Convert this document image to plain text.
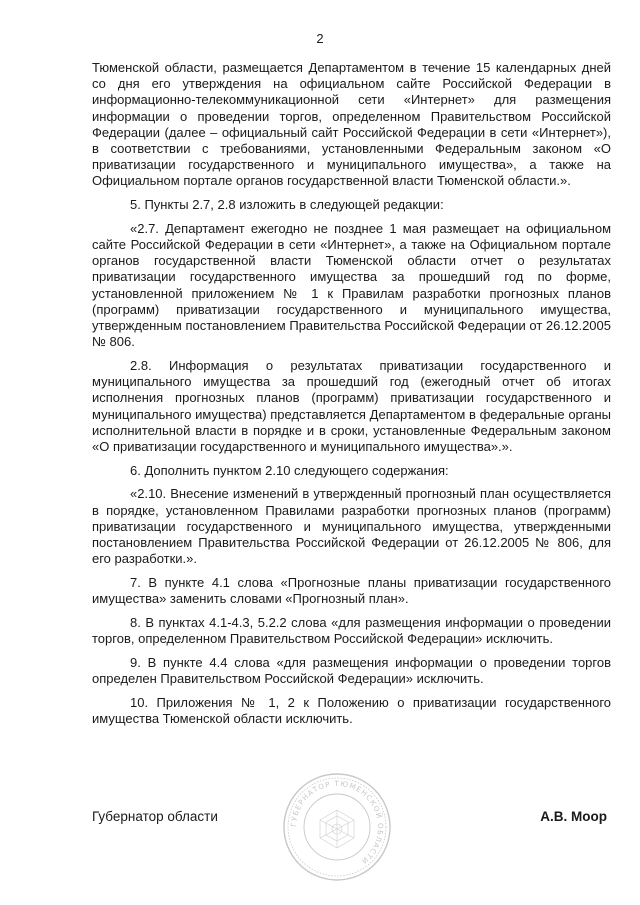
2

Тюменской области, размещается Департаментом в течение 15 календарных дней со дня его утверждения на официальном сайте Российской Федерации в информационно-телекоммуникационной сети «Интернет» для размещения информации о проведении торгов, определенном Правительством Российской Федерации (далее – официальный сайт Российской Федерации в сети «Интернет»), в соответствии с требованиями, установленными Федеральным законом «О приватизации государственного и муниципального имущества», а также на Официальном портале органов государственной власти Тюменской области.».

5. Пункты 2.7, 2.8 изложить в следующей редакции:

«2.7. Департамент ежегодно не позднее 1 мая размещает на официальном сайте Российской Федерации в сети «Интернет», а также на Официальном портале органов государственной власти Тюменской области отчет о результатах приватизации государственного имущества за прошедший год по форме, установленной приложением № 1 к Правилам разработки прогнозных планов (программ) приватизации государственного и муниципального имущества, утвержденным постановлением Правительства Российской Федерации от 26.12.2005 № 806.

2.8. Информация о результатах приватизации государственного и муниципального имущества за прошедший год (ежегодный отчет об итогах исполнения прогнозных планов (программ) приватизации государственного и муниципального имущества) представляется Департаментом в федеральные органы исполнительной власти в порядке и в сроки, установленные Федеральным законом «О приватизации государственного и муниципального имущества».».

6. Дополнить пунктом 2.10 следующего содержания:

«2.10. Внесение изменений в утвержденный прогнозный план осуществляется в порядке, установленном Правилами разработки прогнозных планов (программ) приватизации государственного и муниципального имущества, утвержденными постановлением Правительства Российской Федерации от 26.12.2005 № 806, для его разработки.».

7. В пункте 4.1 слова «Прогнозные планы приватизации государственного имущества» заменить словами «Прогнозный план».

8. В пунктах 4.1-4.3, 5.2.2 слова «для размещения информации о проведении торгов, определенном Правительством Российской Федерации» исключить.

9. В пункте 4.4 слова «для размещения информации о проведении торгов определен Правительством Российской Федерации» исключить.

10. Приложения № 1, 2 к Положению о приватизации государственного имущества Тюменской области исключить.

ГУБЕРНАТОР ТЮМЕНСКОЙ ОБЛАСТИ
Губернатор области	А.В. Моор
